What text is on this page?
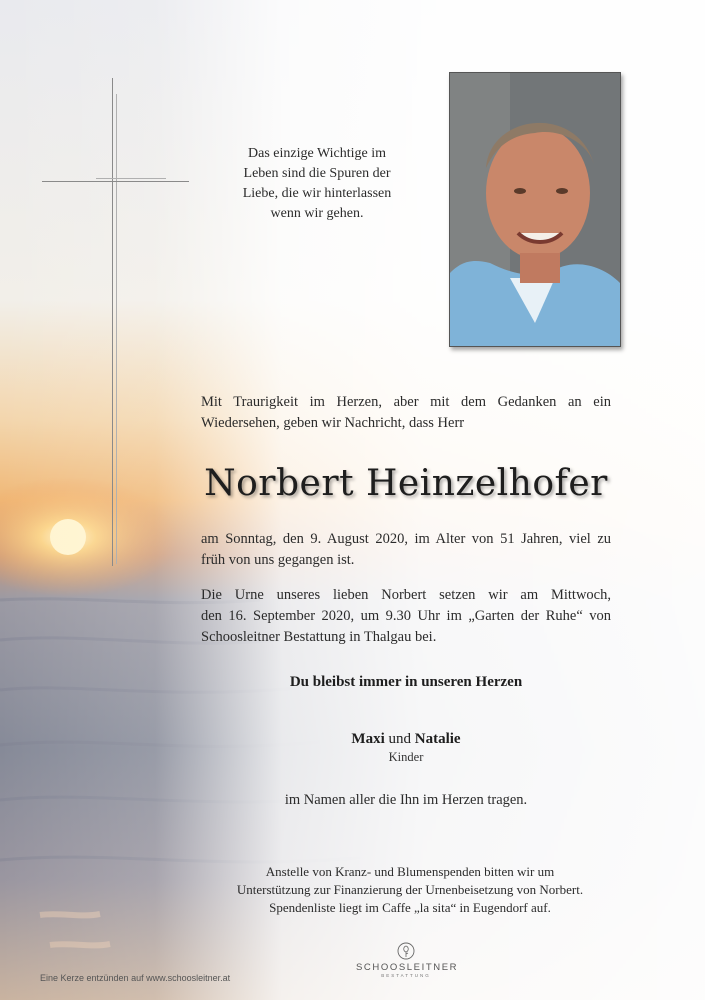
Das einzige Wichtige im
Leben sind die Spuren der
Liebe, die wir hinterlassen
wenn wir gehen.
Mit Traurigkeit im Herzen, aber mit dem Gedanken an ein
Wiedersehen, geben wir Nachricht, dass Herr
Norbert Heinzelhofer
am Sonntag, den 9. August 2020, im Alter von 51 Jahren, viel zu
früh von uns gegangen ist.
Die Urne unseres lieben Norbert setzen wir am Mittwoch,
den 16. September 2020, um 9.30 Uhr im „Garten der Ruhe“ von
Schoosleitner Bestattung in Thalgau bei.
Du bleibst immer in unseren Herzen
Maxi und Natalie
Kinder
im Namen aller die Ihn im Herzen tragen.
Anstelle von Kranz- und Blumenspenden bitten wir um
Unterstützung zur Finanzierung der Urnenbeisetzung von Norbert.
Spendenliste liegt im Caffe „la sita“ in Eugendorf auf.
Eine Kerze entzünden auf www.schoosleitner.at
SCHOOSLEITNER
BESTATTUNG
